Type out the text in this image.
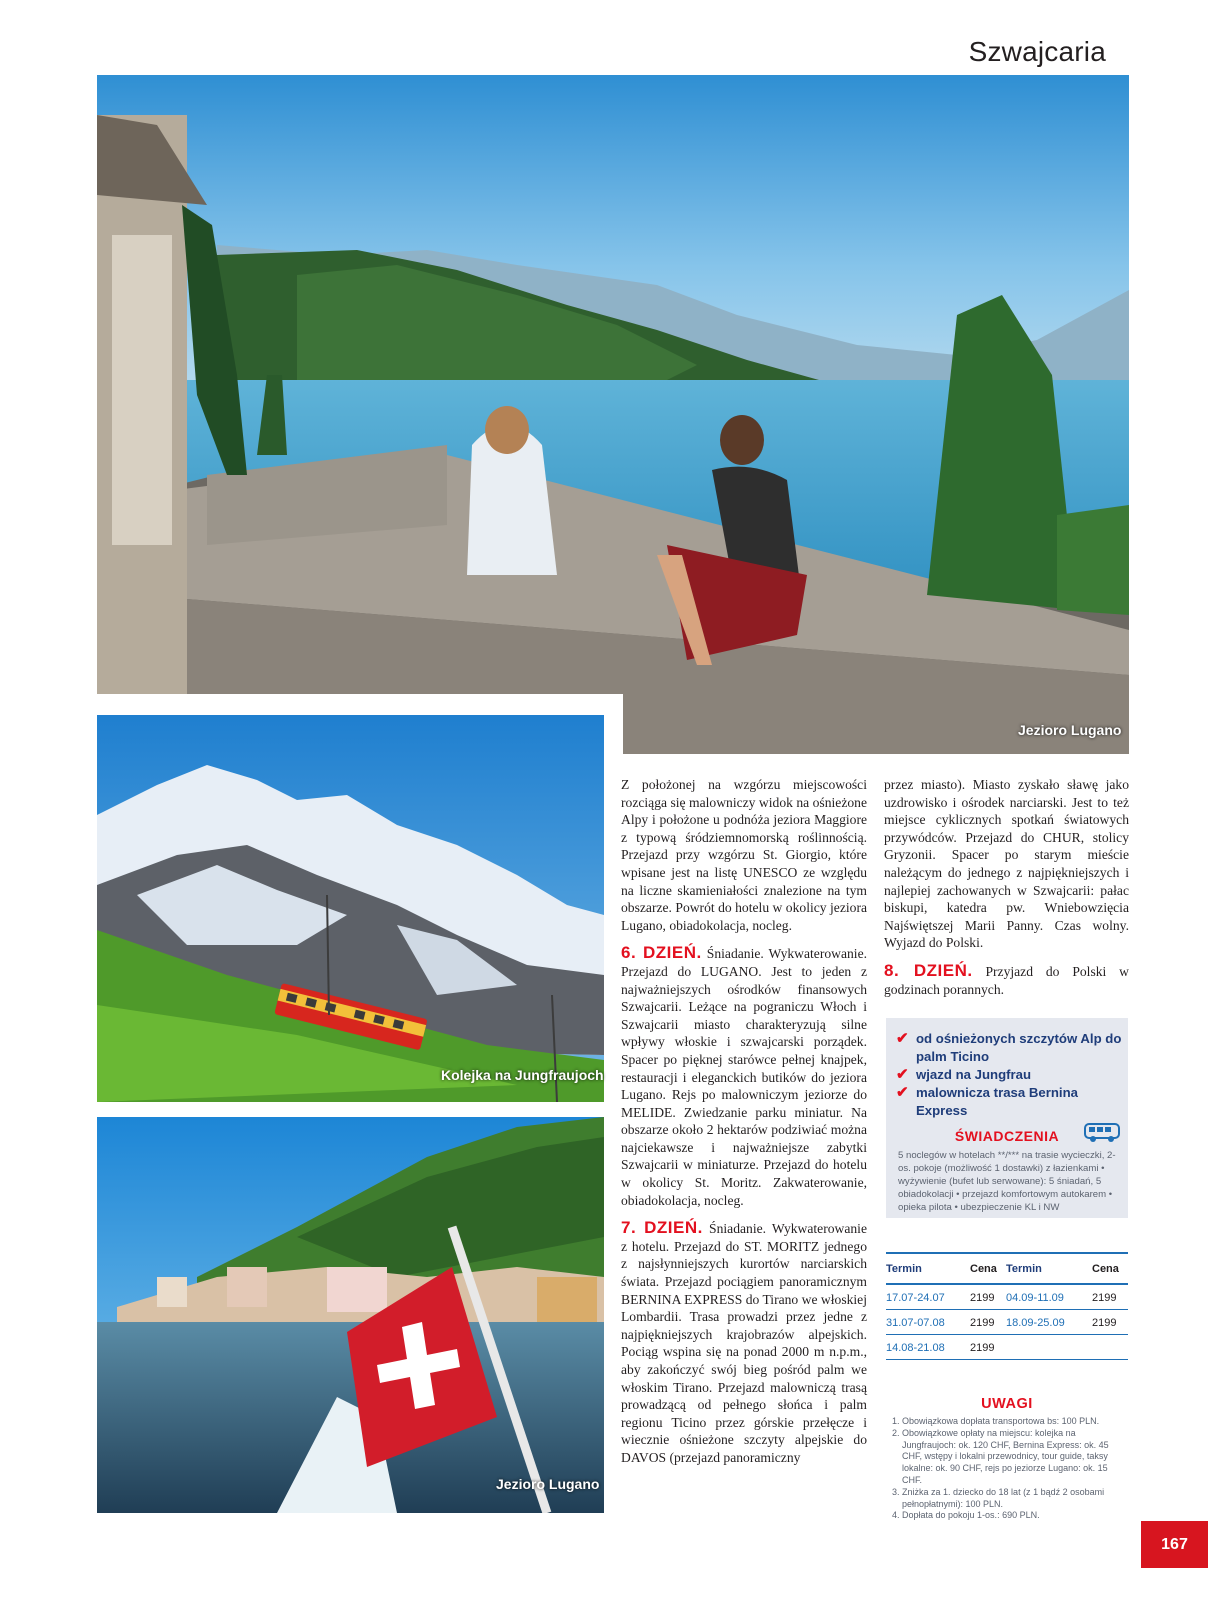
Szwajcaria
Jezioro Lugano
Kolejka na Jungfraujoch
Jezioro Lugano

Z położonej na wzgórzu miejscowości rozciąga się malowniczy widok na ośnieżone Alpy i położone u podnóża jeziora Maggiore z typową śródziemnomorską roślinnością. Przejazd przy wzgórzu St. Giorgio, które wpisane jest na listę UNESCO ze względu na liczne skamieniałości znalezione na tym obszarze. Powrót do hotelu w okolicy jeziora Lugano, obiadokolacja, nocleg.

6. DZIEŃ. Śniadanie. Wykwaterowanie. Przejazd do LUGANO. Jest to jeden z najważniejszych ośrodków finansowych Szwajcarii. Leżące na pograniczu Włoch i Szwajcarii miasto charakteryzują silne wpływy włoskie i szwajcarski porządek. Spacer po pięknej starówce pełnej knajpek, restauracji i eleganckich butików do jeziora Lugano. Rejs po malowniczym jeziorze do MELIDE. Zwiedzanie parku miniatur. Na obszarze około 2 hektarów podziwiać można najciekawsze i najważniejsze zabytki Szwajcarii w miniaturze. Przejazd do hotelu w okolicy St. Moritz. Zakwaterowanie, obiadokolacja, nocleg.

7. DZIEŃ. Śniadanie. Wykwaterowanie z hotelu. Przejazd do ST. MORITZ jednego z najsłynniejszych kurortów narciarskich świata. Przejazd pociągiem panoramicznym BERNINA EXPRESS do Tirano we włoskiej Lombardii. Trasa prowadzi przez jedne z najpiękniejszych krajobrazów alpejskich. Pociąg wspina się na ponad 2000 m n.p.m., aby zakończyć swój bieg pośród palm we włoskim Tirano. Przejazd malowniczą trasą prowadzącą od pełnego słońca i palm regionu Ticino przez górskie przełęcze i wiecznie ośnieżone szczyty alpejskie do DAVOS (przejazd panoramiczny

przez miasto). Miasto zyskało sławę jako uzdrowisko i ośrodek narciarski. Jest to też miejsce cyklicznych spotkań światowych przywódców. Przejazd do CHUR, stolicy Gryzonii. Spacer po starym mieście należącym do jednego z najpiękniejszych i najlepiej zachowanych w Szwajcarii: pałac biskupi, katedra pw. Wniebowzięcia Najświętszej Marii Panny. Czas wolny. Wyjazd do Polski.

8. DZIEŃ. Przyjazd do Polski w godzinach porannych.

✔ od ośnieżonych szczytów Alp do palm Ticino
✔ wjazd na Jungfrau
✔ malownicza trasa Bernina Express
ŚWIADCZENIA
5 noclegów w hotelach **/*** na trasie wycieczki, 2-os. pokoje (możliwość 1 dostawki) z łazienkami • wyżywienie (bufet lub serwowane): 5 śniadań, 5 obiadokolacji • przejazd komfortowym autokarem • opieka pilota • ubezpieczenie KL i NW
Termin	Cena	Termin	Cena
17.07-24.07	2199	04.09-11.09	2199
31.07-07.08	2199	18.09-25.09	2199
14.08-21.08	2199		
UWAGI
1. Obowiązkowa dopłata transportowa bs: 100 PLN.
2. Obowiązkowe opłaty na miejscu: kolejka na Jungfraujoch: ok. 120 CHF, Bernina Express: ok. 45 CHF, wstępy i lokalni przewodnicy, tour guide, taksy lokalne: ok. 90 CHF, rejs po jeziorze Lugano: ok. 15 CHF.
3. Zniżka za 1. dziecko do 18 lat (z 1 bądź 2 osobami pełnopłatnymi): 100 PLN.
4. Dopłata do pokoju 1-os.: 690 PLN.
167
